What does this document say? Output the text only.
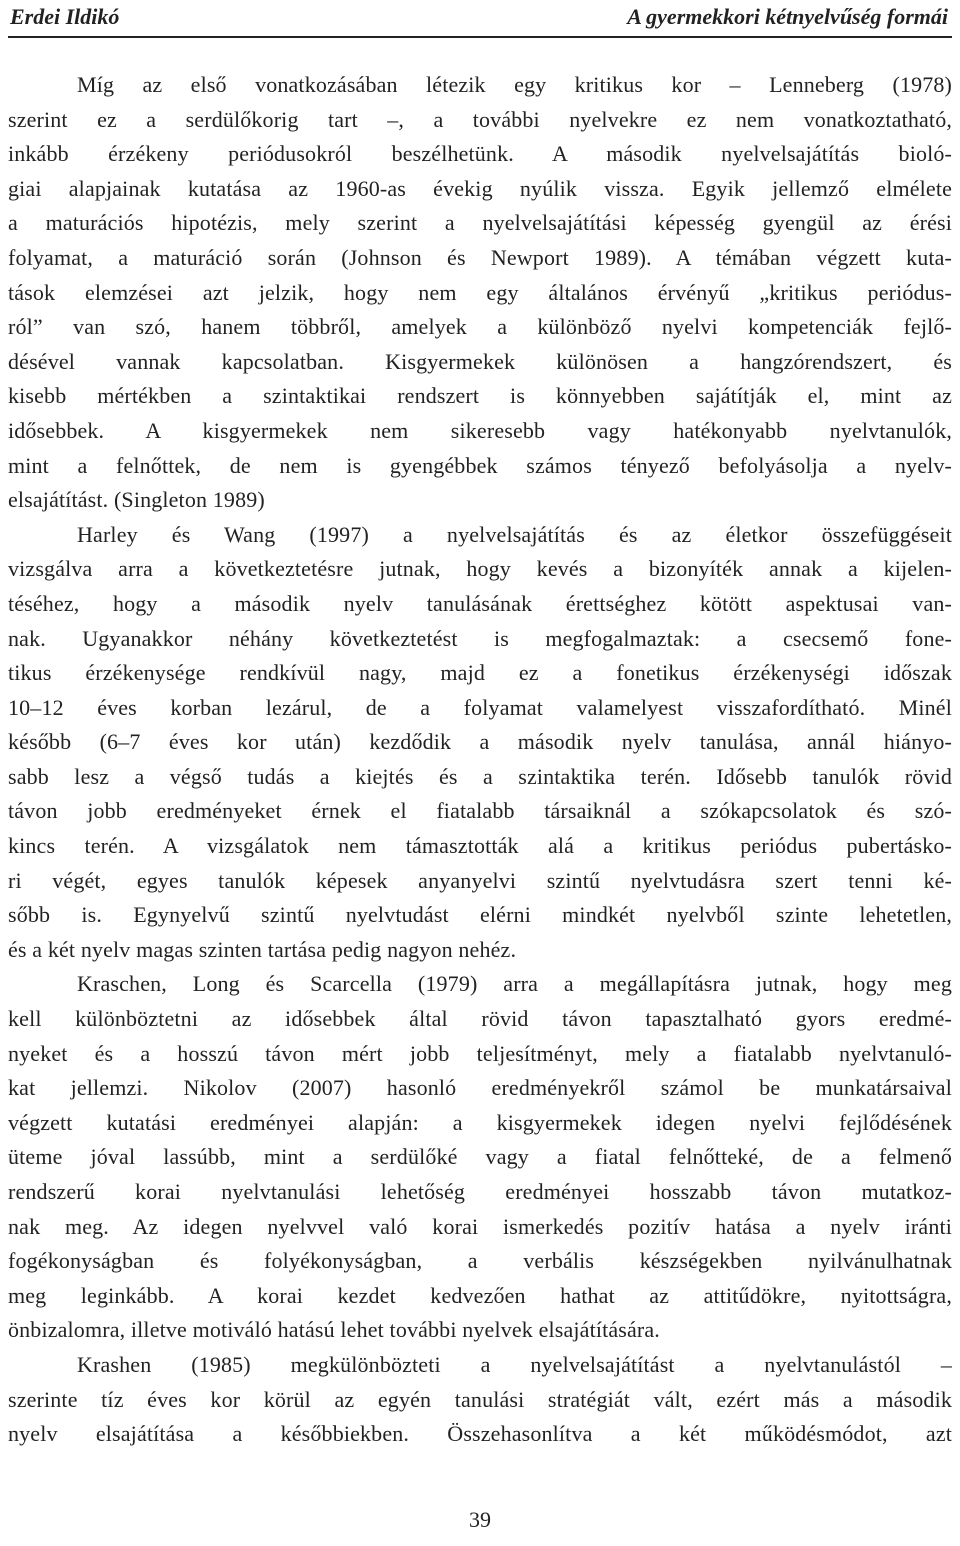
Erdei Ildikó	A gyermekkori kétnyelvűség formái
Míg az első vonatkozásában létezik egy kritikus kor – Lenneberg (1978)
szerint ez a serdülőkorig tart –, a további nyelvekre ez nem vonatkoztatható,
inkább érzékeny periódusokról beszélhetünk. A második nyelvelsajátítás bioló-
giai alapjainak kutatása az 1960-as évekig nyúlik vissza. Egyik jellemző elmélete
a maturációs hipotézis, mely szerint a nyelvelsajátítási képesség gyengül az érési
folyamat, a maturáció során (Johnson és Newport 1989). A témában végzett kuta-
tások elemzései azt jelzik, hogy nem egy általános érvényű „kritikus periódus-
ról” van szó, hanem többről, amelyek a különböző nyelvi kompetenciák fejlő-
désével vannak kapcsolatban. Kisgyermekek különösen a hangzórendszert, és
kisebb mértékben a szintaktikai rendszert is könnyebben sajátítják el, mint az
idősebbek. A kisgyermekek nem sikeresebb vagy hatékonyabb nyelvtanulók,
mint a felnőttek, de nem is gyengébbek számos tényező befolyásolja a nyelv-
elsajátítást. (Singleton 1989)
Harley és Wang (1997) a nyelvelsajátítás és az életkor összefüggéseit
vizsgálva arra a következtetésre jutnak, hogy kevés a bizonyíték annak a kijelen-
téséhez, hogy a második nyelv tanulásának érettséghez kötött aspektusai van-
nak. Ugyanakkor néhány következtetést is megfogalmaztak: a csecsemő fone-
tikus érzékenysége rendkívül nagy, majd ez a fonetikus érzékenységi időszak
10–12 éves korban lezárul, de a folyamat valamelyest visszafordítható. Minél
később (6–7 éves kor után) kezdődik a második nyelv tanulása, annál hiányo-
sabb lesz a végső tudás a kiejtés és a szintaktika terén. Idősebb tanulók rövid
távon jobb eredményeket érnek el fiatalabb társaiknál a szókapcsolatok és szó-
kincs terén. A vizsgálatok nem támasztották alá a kritikus periódus pubertásko-
ri végét, egyes tanulók képesek anyanyelvi szintű nyelvtudásra szert tenni ké-
sőbb is. Egynyelvű szintű nyelvtudást elérni mindkét nyelvből szinte lehetetlen,
és a két nyelv magas szinten tartása pedig nagyon nehéz.
Kraschen, Long és Scarcella (1979) arra a megállapításra jutnak, hogy meg
kell különböztetni az idősebbek által rövid távon tapasztalható gyors eredmé-
nyeket és a hosszú távon mért jobb teljesítményt, mely a fiatalabb nyelvtanuló-
kat jellemzi. Nikolov (2007) hasonló eredményekről számol be munkatársaival
végzett kutatási eredményei alapján: a kisgyermekek idegen nyelvi fejlődésének
üteme jóval lassúbb, mint a serdülőké vagy a fiatal felnőtteké, de a felmenő
rendszerű korai nyelvtanulási lehetőség eredményei hosszabb távon mutatkoz-
nak meg. Az idegen nyelvvel való korai ismerkedés pozitív hatása a nyelv iránti
fogékonyságban és folyékonyságban, a verbális készségekben nyilvánulhatnak
meg leginkább. A korai kezdet kedvezően hathat az attitűdökre, nyitottságra,
önbizalomra, illetve motiváló hatású lehet további nyelvek elsajátítására.
Krashen (1985) megkülönbözteti a nyelvelsajátítást a nyelvtanulástól –
szerinte tíz éves kor körül az egyén tanulási stratégiát vált, ezért más a második
nyelv elsajátítása a későbbiekben. Összehasonlítva a két működésmódot, azt
39
